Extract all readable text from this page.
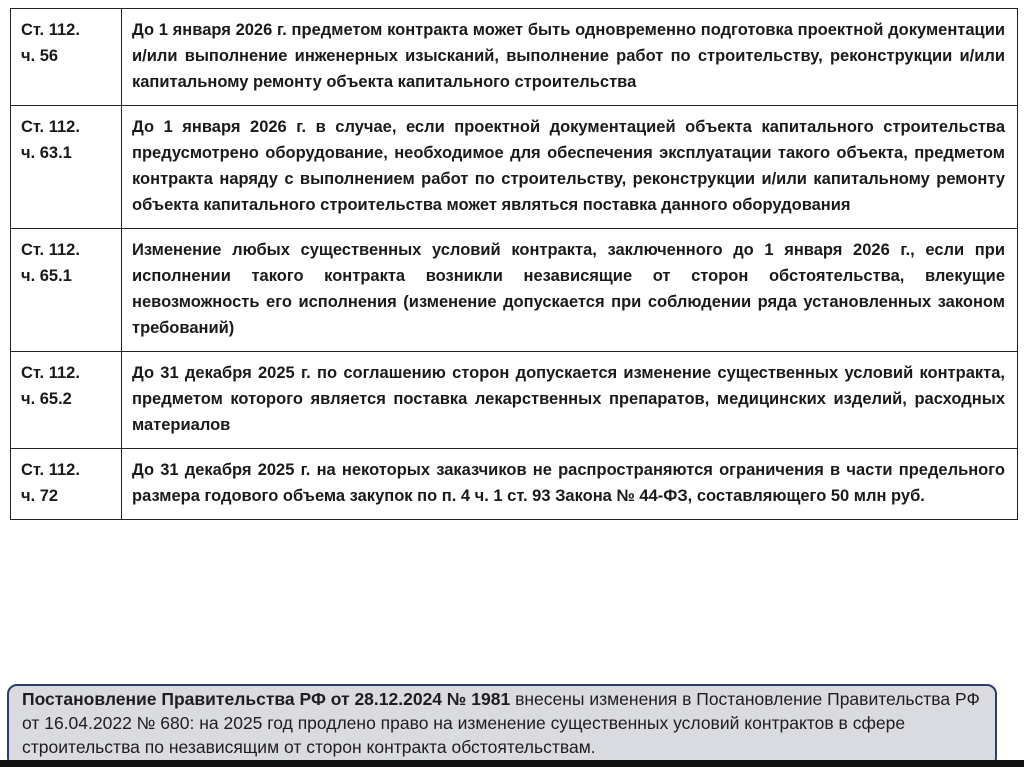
Ст. 112.
ч. 56	До 1 января 2026 г. предметом контракта может быть одновременно подготовка проектной документации и/или выполнение инженерных изысканий, выполнение работ по строительству, реконструкции и/или капитальному ремонту объекта капитального строительства

Ст. 112.
ч. 63.1	До 1 января 2026 г. в случае, если проектной документацией объекта капитального строительства предусмотрено оборудование, необходимое для обеспечения эксплуатации такого объекта, предметом контракта наряду с выполнением работ по строительству, реконструкции и/или капитальному ремонту объекта капитального строительства может являться поставка данного оборудования

Ст. 112.
ч. 65.1	Изменение любых существенных условий контракта, заключенного до 1 января 2026 г., если при исполнении такого контракта возникли независящие от сторон обстоятельства, влекущие невозможность его исполнения (изменение допускается при соблюдении ряда установленных законом требований)

Ст. 112.
ч. 65.2	До 31 декабря 2025 г. по соглашению сторон допускается изменение существенных условий контракта, предметом которого является поставка лекарственных препаратов, медицинских изделий, расходных материалов

Ст. 112.
ч. 72	До 31 декабря 2025 г. на некоторых заказчиков не распространяются ограничения в части предельного размера годового объема закупок по п. 4 ч. 1 ст. 93 Закона № 44-ФЗ, составляющего 50 млн руб.
Постановление Правительства РФ от 28.12.2024 № 1981 внесены изменения в Постановление Правительства РФ от 16.04.2022 № 680: на 2025 год продлено право на изменение существенных условий контрактов в сфере строительства по независящим от сторон контракта обстоятельствам.
